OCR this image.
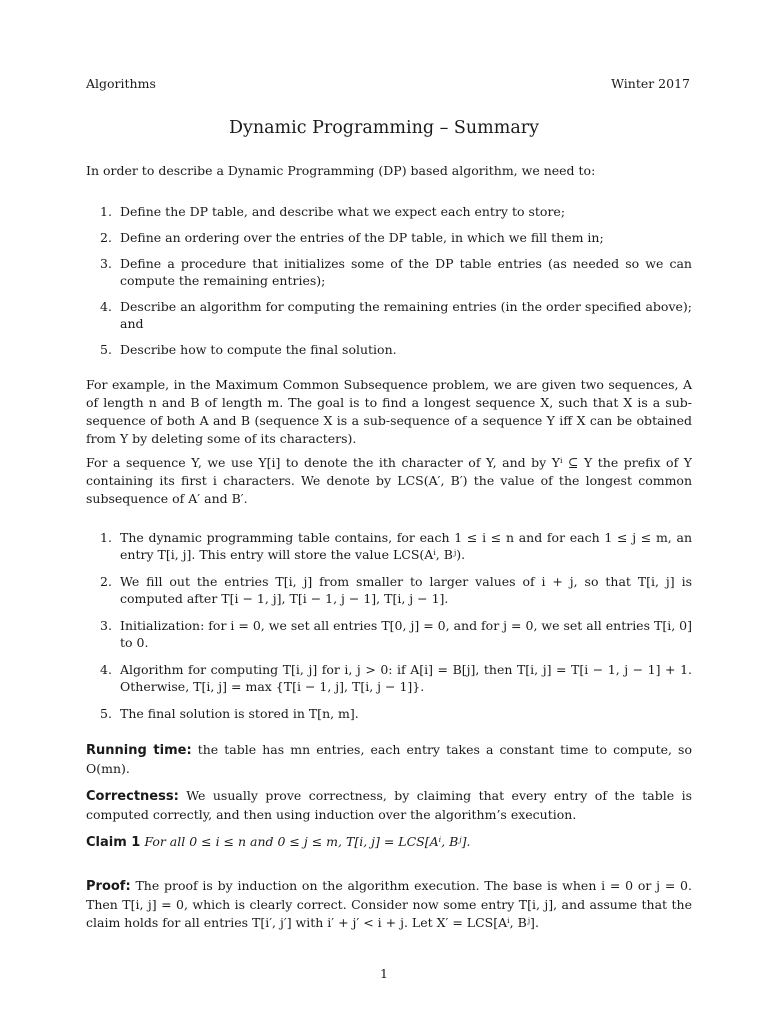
Algorithms	Winter 2017
Dynamic Programming – Summary
In order to describe a Dynamic Programming (DP) based algorithm, we need to:
1. Define the DP table, and describe what we expect each entry to store;
2. Define an ordering over the entries of the DP table, in which we fill them in;
3. Define a procedure that initializes some of the DP table entries (as needed so we can compute the remaining entries);
4. Describe an algorithm for computing the remaining entries (in the order specified above); and
5. Describe how to compute the final solution.
For example, in the Maximum Common Subsequence problem, we are given two sequences, A of length n and B of length m. The goal is to find a longest sequence X, such that X is a sub-sequence of both A and B (sequence X is a sub-sequence of a sequence Y iff X can be obtained from Y by deleting some of its characters).
For a sequence Y, we use Y[i] to denote the ith character of Y, and by Yⁱ ⊆ Y the prefix of Y containing its first i characters. We denote by LCS(A′, B′) the value of the longest common subsequence of A′ and B′.
1. The dynamic programming table contains, for each 1 ≤ i ≤ n and for each 1 ≤ j ≤ m, an entry T[i, j]. This entry will store the value LCS(Aⁱ, Bʲ).
2. We fill out the entries T[i, j] from smaller to larger values of i + j, so that T[i, j] is computed after T[i − 1, j], T[i − 1, j − 1], T[i, j − 1].
3. Initialization: for i = 0, we set all entries T[0, j] = 0, and for j = 0, we set all entries T[i, 0] to 0.
4. Algorithm for computing T[i, j] for i, j > 0: if A[i] = B[j], then T[i, j] = T[i − 1, j − 1] + 1. Otherwise, T[i, j] = max {T[i − 1, j], T[i, j − 1]}.
5. The final solution is stored in T[n, m].
Running time: the table has mn entries, each entry takes a constant time to compute, so O(mn).
Correctness: We usually prove correctness, by claiming that every entry of the table is computed correctly, and then using induction over the algorithm’s execution.
Claim 1 For all 0 ≤ i ≤ n and 0 ≤ j ≤ m, T[i, j] = LCS[Aⁱ, Bʲ].
Proof: The proof is by induction on the algorithm execution. The base is when i = 0 or j = 0. Then T[i, j] = 0, which is clearly correct. Consider now some entry T[i, j], and assume that the claim holds for all entries T[i′, j′] with i′ + j′ < i + j. Let X′ = LCS[Aⁱ, Bʲ].
1
